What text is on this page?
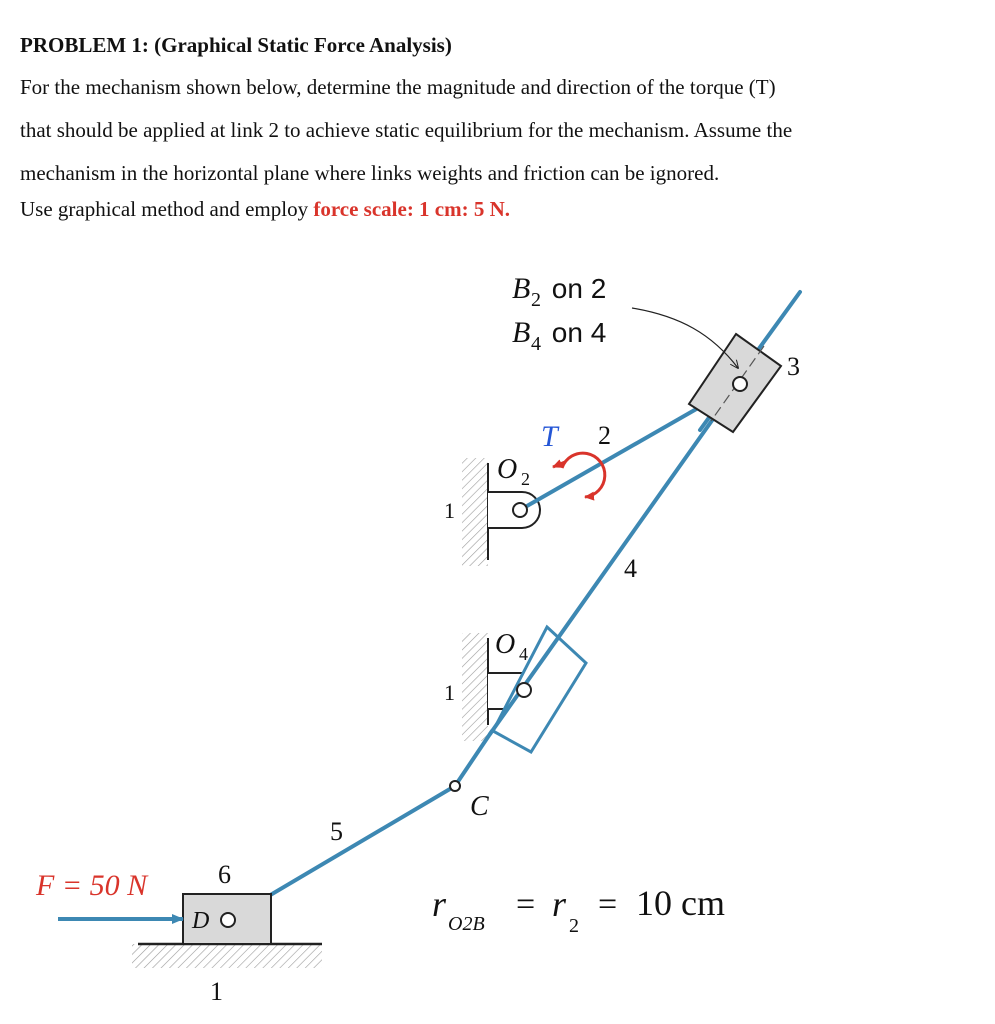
PROBLEM 1: (Graphical Static Force Analysis)
For the mechanism shown below, determine the magnitude and direction of the torque (T)
that should be applied at link 2 to achieve static equilibrium for the mechanism. Assume the
mechanism in the horizontal plane where links weights and friction can be ignored.
Use graphical method and employ force scale: 1 cm: 5 N.
B 2 on 2
B 4 on 4
3
T 2
O 2
1
4
O 4
1
C
5
F = 50 N	6
D
1
r O2B
= r
2
= 10 cm
